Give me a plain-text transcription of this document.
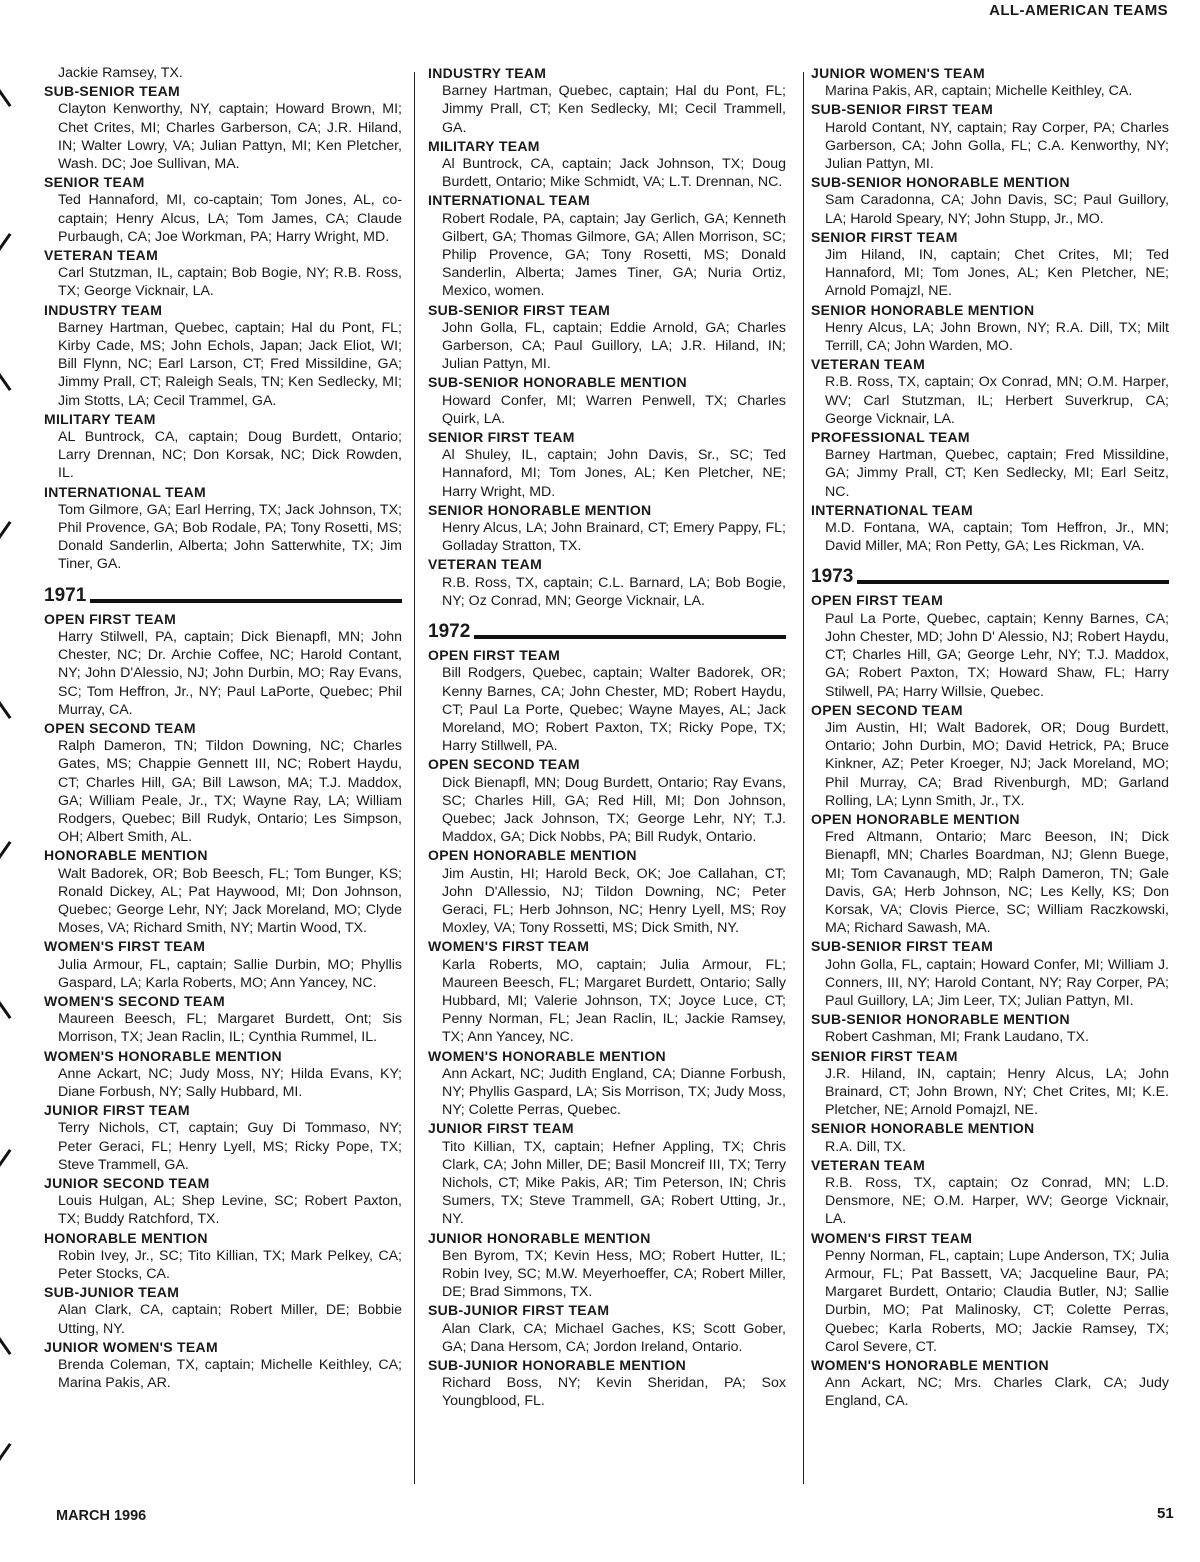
ALL-AMERICAN TEAMS

Jackie Ramsey, TX.

SUB-SENIOR TEAM

Clayton Kenworthy, NY, captain; Howard Brown, MI; Chet Crites, MI; Charles Garberson, CA; J.R. Hiland, IN; Walter Lowry, VA; Julian Pattyn, MI; Ken Pletcher, Wash. DC; Joe Sullivan, MA.

SENIOR TEAM

Ted Hannaford, MI, co-captain; Tom Jones, AL, co-captain; Henry Alcus, LA; Tom James, CA; Claude Purbaugh, CA; Joe Workman, PA; Harry Wright, MD.

VETERAN TEAM

Carl Stutzman, IL, captain; Bob Bogie, NY; R.B. Ross, TX; George Vicknair, LA.

INDUSTRY TEAM

Barney Hartman, Quebec, captain; Hal du Pont, FL; Kirby Cade, MS; John Echols, Japan; Jack Eliot, WI; Bill Flynn, NC; Earl Larson, CT; Fred Missildine, GA; Jimmy Prall, CT; Raleigh Seals, TN; Ken Sedlecky, MI; Jim Stotts, LA; Cecil Trammel, GA.

MILITARY TEAM

AL Buntrock, CA, captain; Doug Burdett, Ontario; Larry Drennan, NC; Don Korsak, NC; Dick Rowden, IL.

INTERNATIONAL TEAM

Tom Gilmore, GA; Earl Herring, TX; Jack Johnson, TX; Phil Provence, GA; Bob Rodale, PA; Tony Rosetti, MS; Donald Sanderlin, Alberta; John Satterwhite, TX; Jim Tiner, GA.

1971
OPEN FIRST TEAM

Harry Stilwell, PA, captain; Dick Bienapfl, MN; John Chester, NC; Dr. Archie Coffee, NC; Harold Contant, NY; John D'Alessio, NJ; John Durbin, MO; Ray Evans, SC; Tom Heffron, Jr., NY; Paul LaPorte, Quebec; Phil Murray, CA.

OPEN SECOND TEAM

Ralph Dameron, TN; Tildon Downing, NC; Charles Gates, MS; Chappie Gennett III, NC; Robert Haydu, CT; Charles Hill, GA; Bill Lawson, MA; T.J. Maddox, GA; William Peale, Jr., TX; Wayne Ray, LA; William Rodgers, Quebec; Bill Rudyk, Ontario; Les Simpson, OH; Albert Smith, AL.

HONORABLE MENTION

Walt Badorek, OR; Bob Beesch, FL; Tom Bunger, KS; Ronald Dickey, AL; Pat Haywood, MI; Don Johnson, Quebec; George Lehr, NY; Jack Moreland, MO; Clyde Moses, VA; Richard Smith, NY; Martin Wood, TX.

WOMEN'S FIRST TEAM

Julia Armour, FL, captain; Sallie Durbin, MO; Phyllis Gaspard, LA; Karla Roberts, MO; Ann Yancey, NC.

WOMEN'S SECOND TEAM

Maureen Beesch, FL; Margaret Burdett, Ont; Sis Morrison, TX; Jean Raclin, IL; Cynthia Rummel, IL.

WOMEN'S HONORABLE MENTION

Anne Ackart, NC; Judy Moss, NY; Hilda Evans, KY; Diane Forbush, NY; Sally Hubbard, MI.

JUNIOR FIRST TEAM

Terry Nichols, CT, captain; Guy Di Tommaso, NY; Peter Geraci, FL; Henry Lyell, MS; Ricky Pope, TX; Steve Trammell, GA.

JUNIOR SECOND TEAM

Louis Hulgan, AL; Shep Levine, SC; Robert Paxton, TX; Buddy Ratchford, TX.

HONORABLE MENTION

Robin Ivey, Jr., SC; Tito Killian, TX; Mark Pelkey, CA; Peter Stocks, CA.

SUB-JUNIOR TEAM

Alan Clark, CA, captain; Robert Miller, DE; Bobbie Utting, NY.

JUNIOR WOMEN'S TEAM

Brenda Coleman, TX, captain; Michelle Keithley, CA; Marina Pakis, AR.

INDUSTRY TEAM

Barney Hartman, Quebec, captain; Hal du Pont, FL; Jimmy Prall, CT; Ken Sedlecky, MI; Cecil Trammell, GA.

MILITARY TEAM

Al Buntrock, CA, captain; Jack Johnson, TX; Doug Burdett, Ontario; Mike Schmidt, VA; L.T. Drennan, NC.

INTERNATIONAL TEAM

Robert Rodale, PA, captain; Jay Gerlich, GA; Kenneth Gilbert, GA; Thomas Gilmore, GA; Allen Morrison, SC; Philip Provence, GA; Tony Rosetti, MS; Donald Sanderlin, Alberta; James Tiner, GA; Nuria Ortiz, Mexico, women.

SUB-SENIOR FIRST TEAM

John Golla, FL, captain; Eddie Arnold, GA; Charles Garberson, CA; Paul Guillory, LA; J.R. Hiland, IN; Julian Pattyn, MI.

SUB-SENIOR HONORABLE MENTION

Howard Confer, MI; Warren Penwell, TX; Charles Quirk, LA.

SENIOR FIRST TEAM

Al Shuley, IL, captain; John Davis, Sr., SC; Ted Hannaford, MI; Tom Jones, AL; Ken Pletcher, NE; Harry Wright, MD.

SENIOR HONORABLE MENTION

Henry Alcus, LA; John Brainard, CT; Emery Pappy, FL; Golladay Stratton, TX.

VETERAN TEAM

R.B. Ross, TX, captain; C.L. Barnard, LA; Bob Bogie, NY; Oz Conrad, MN; George Vicknair, LA.

1972
OPEN FIRST TEAM

Bill Rodgers, Quebec, captain; Walter Badorek, OR; Kenny Barnes, CA; John Chester, MD; Robert Haydu, CT; Paul La Porte, Quebec; Wayne Mayes, AL; Jack Moreland, MO; Robert Paxton, TX; Ricky Pope, TX; Harry Stillwell, PA.

OPEN SECOND TEAM

Dick Bienapfl, MN; Doug Burdett, Ontario; Ray Evans, SC; Charles Hill, GA; Red Hill, MI; Don Johnson, Quebec; Jack Johnson, TX; George Lehr, NY; T.J. Maddox, GA; Dick Nobbs, PA; Bill Rudyk, Ontario.

OPEN HONORABLE MENTION

Jim Austin, HI; Harold Beck, OK; Joe Callahan, CT; John D'Allessio, NJ; Tildon Downing, NC; Peter Geraci, FL; Herb Johnson, NC; Henry Lyell, MS; Roy Moxley, VA; Tony Rossetti, MS; Dick Smith, NY.

WOMEN'S FIRST TEAM

Karla Roberts, MO, captain; Julia Armour, FL; Maureen Beesch, FL; Margaret Burdett, Ontario; Sally Hubbard, MI; Valerie Johnson, TX; Joyce Luce, CT; Penny Norman, FL; Jean Raclin, IL; Jackie Ramsey, TX; Ann Yancey, NC.

WOMEN'S HONORABLE MENTION

Ann Ackart, NC; Judith England, CA; Dianne Forbush, NY; Phyllis Gaspard, LA; Sis Morrison, TX; Judy Moss, NY; Colette Perras, Quebec.

JUNIOR FIRST TEAM

Tito Killian, TX, captain; Hefner Appling, TX; Chris Clark, CA; John Miller, DE; Basil Moncreif III, TX; Terry Nichols, CT; Mike Pakis, AR; Tim Peterson, IN; Chris Sumers, TX; Steve Trammell, GA; Robert Utting, Jr., NY.

JUNIOR HONORABLE MENTION

Ben Byrom, TX; Kevin Hess, MO; Robert Hutter, IL; Robin Ivey, SC; M.W. Meyerhoeffer, CA; Robert Miller, DE; Brad Simmons, TX.

SUB-JUNIOR FIRST TEAM

Alan Clark, CA; Michael Gaches, KS; Scott Gober, GA; Dana Hersom, CA; Jordon Ireland, Ontario.

SUB-JUNIOR HONORABLE MENTION

Richard Boss, NY; Kevin Sheridan, PA; Sox Youngblood, FL.

JUNIOR WOMEN'S TEAM

Marina Pakis, AR, captain; Michelle Keithley, CA.

SUB-SENIOR FIRST TEAM

Harold Contant, NY, captain; Ray Corper, PA; Charles Garberson, CA; John Golla, FL; C.A. Kenworthy, NY; Julian Pattyn, MI.

SUB-SENIOR HONORABLE MENTION

Sam Caradonna, CA; John Davis, SC; Paul Guillory, LA; Harold Speary, NY; John Stupp, Jr., MO.

SENIOR FIRST TEAM

Jim Hiland, IN, captain; Chet Crites, MI; Ted Hannaford, MI; Tom Jones, AL; Ken Pletcher, NE; Arnold Pomajzl, NE.

SENIOR HONORABLE MENTION

Henry Alcus, LA; John Brown, NY; R.A. Dill, TX; Milt Terrill, CA; John Warden, MO.

VETERAN TEAM

R.B. Ross, TX, captain; Ox Conrad, MN; O.M. Harper, WV; Carl Stutzman, IL; Herbert Suverkrup, CA; George Vicknair, LA.

PROFESSIONAL TEAM

Barney Hartman, Quebec, captain; Fred Missildine, GA; Jimmy Prall, CT; Ken Sedlecky, MI; Earl Seitz, NC.

INTERNATIONAL TEAM

M.D. Fontana, WA, captain; Tom Heffron, Jr., MN; David Miller, MA; Ron Petty, GA; Les Rickman, VA.

1973
OPEN FIRST TEAM

Paul La Porte, Quebec, captain; Kenny Barnes, CA; John Chester, MD; John D' Alessio, NJ; Robert Haydu, CT; Charles Hill, GA; George Lehr, NY; T.J. Maddox, GA; Robert Paxton, TX; Howard Shaw, FL; Harry Stilwell, PA; Harry Willsie, Quebec.

OPEN SECOND TEAM

Jim Austin, HI; Walt Badorek, OR; Doug Burdett, Ontario; John Durbin, MO; David Hetrick, PA; Bruce Kinkner, AZ; Peter Kroeger, NJ; Jack Moreland, MO; Phil Murray, CA; Brad Rivenburgh, MD; Garland Rolling, LA; Lynn Smith, Jr., TX.

OPEN HONORABLE MENTION

Fred Altmann, Ontario; Marc Beeson, IN; Dick Bienapfl, MN; Charles Boardman, NJ; Glenn Buege, MI; Tom Cavanaugh, MD; Ralph Dameron, TN; Gale Davis, GA; Herb Johnson, NC; Les Kelly, KS; Don Korsak, VA; Clovis Pierce, SC; William Raczkowski, MA; Richard Sawash, MA.

SUB-SENIOR FIRST TEAM

John Golla, FL, captain; Howard Confer, MI; William J. Conners, III, NY; Harold Contant, NY; Ray Corper, PA; Paul Guillory, LA; Jim Leer, TX; Julian Pattyn, MI.

SUB-SENIOR HONORABLE MENTION

Robert Cashman, MI; Frank Laudano, TX.

SENIOR FIRST TEAM

J.R. Hiland, IN, captain; Henry Alcus, LA; John Brainard, CT; John Brown, NY; Chet Crites, MI; K.E. Pletcher, NE; Arnold Pomajzl, NE.

SENIOR HONORABLE MENTION

R.A. Dill, TX.

VETERAN TEAM

R.B. Ross, TX, captain; Oz Conrad, MN; L.D. Densmore, NE; O.M. Harper, WV; George Vicknair, LA.

WOMEN'S FIRST TEAM

Penny Norman, FL, captain; Lupe Anderson, TX; Julia Armour, FL; Pat Bassett, VA; Jacqueline Baur, PA; Margaret Burdett, Ontario; Claudia Butler, NJ; Sallie Durbin, MO; Pat Malinosky, CT; Colette Perras, Quebec; Karla Roberts, MO; Jackie Ramsey, TX; Carol Severe, CT.

WOMEN'S HONORABLE MENTION

Ann Ackart, NC; Mrs. Charles Clark, CA; Judy England, CA.

MARCH 1996	51
